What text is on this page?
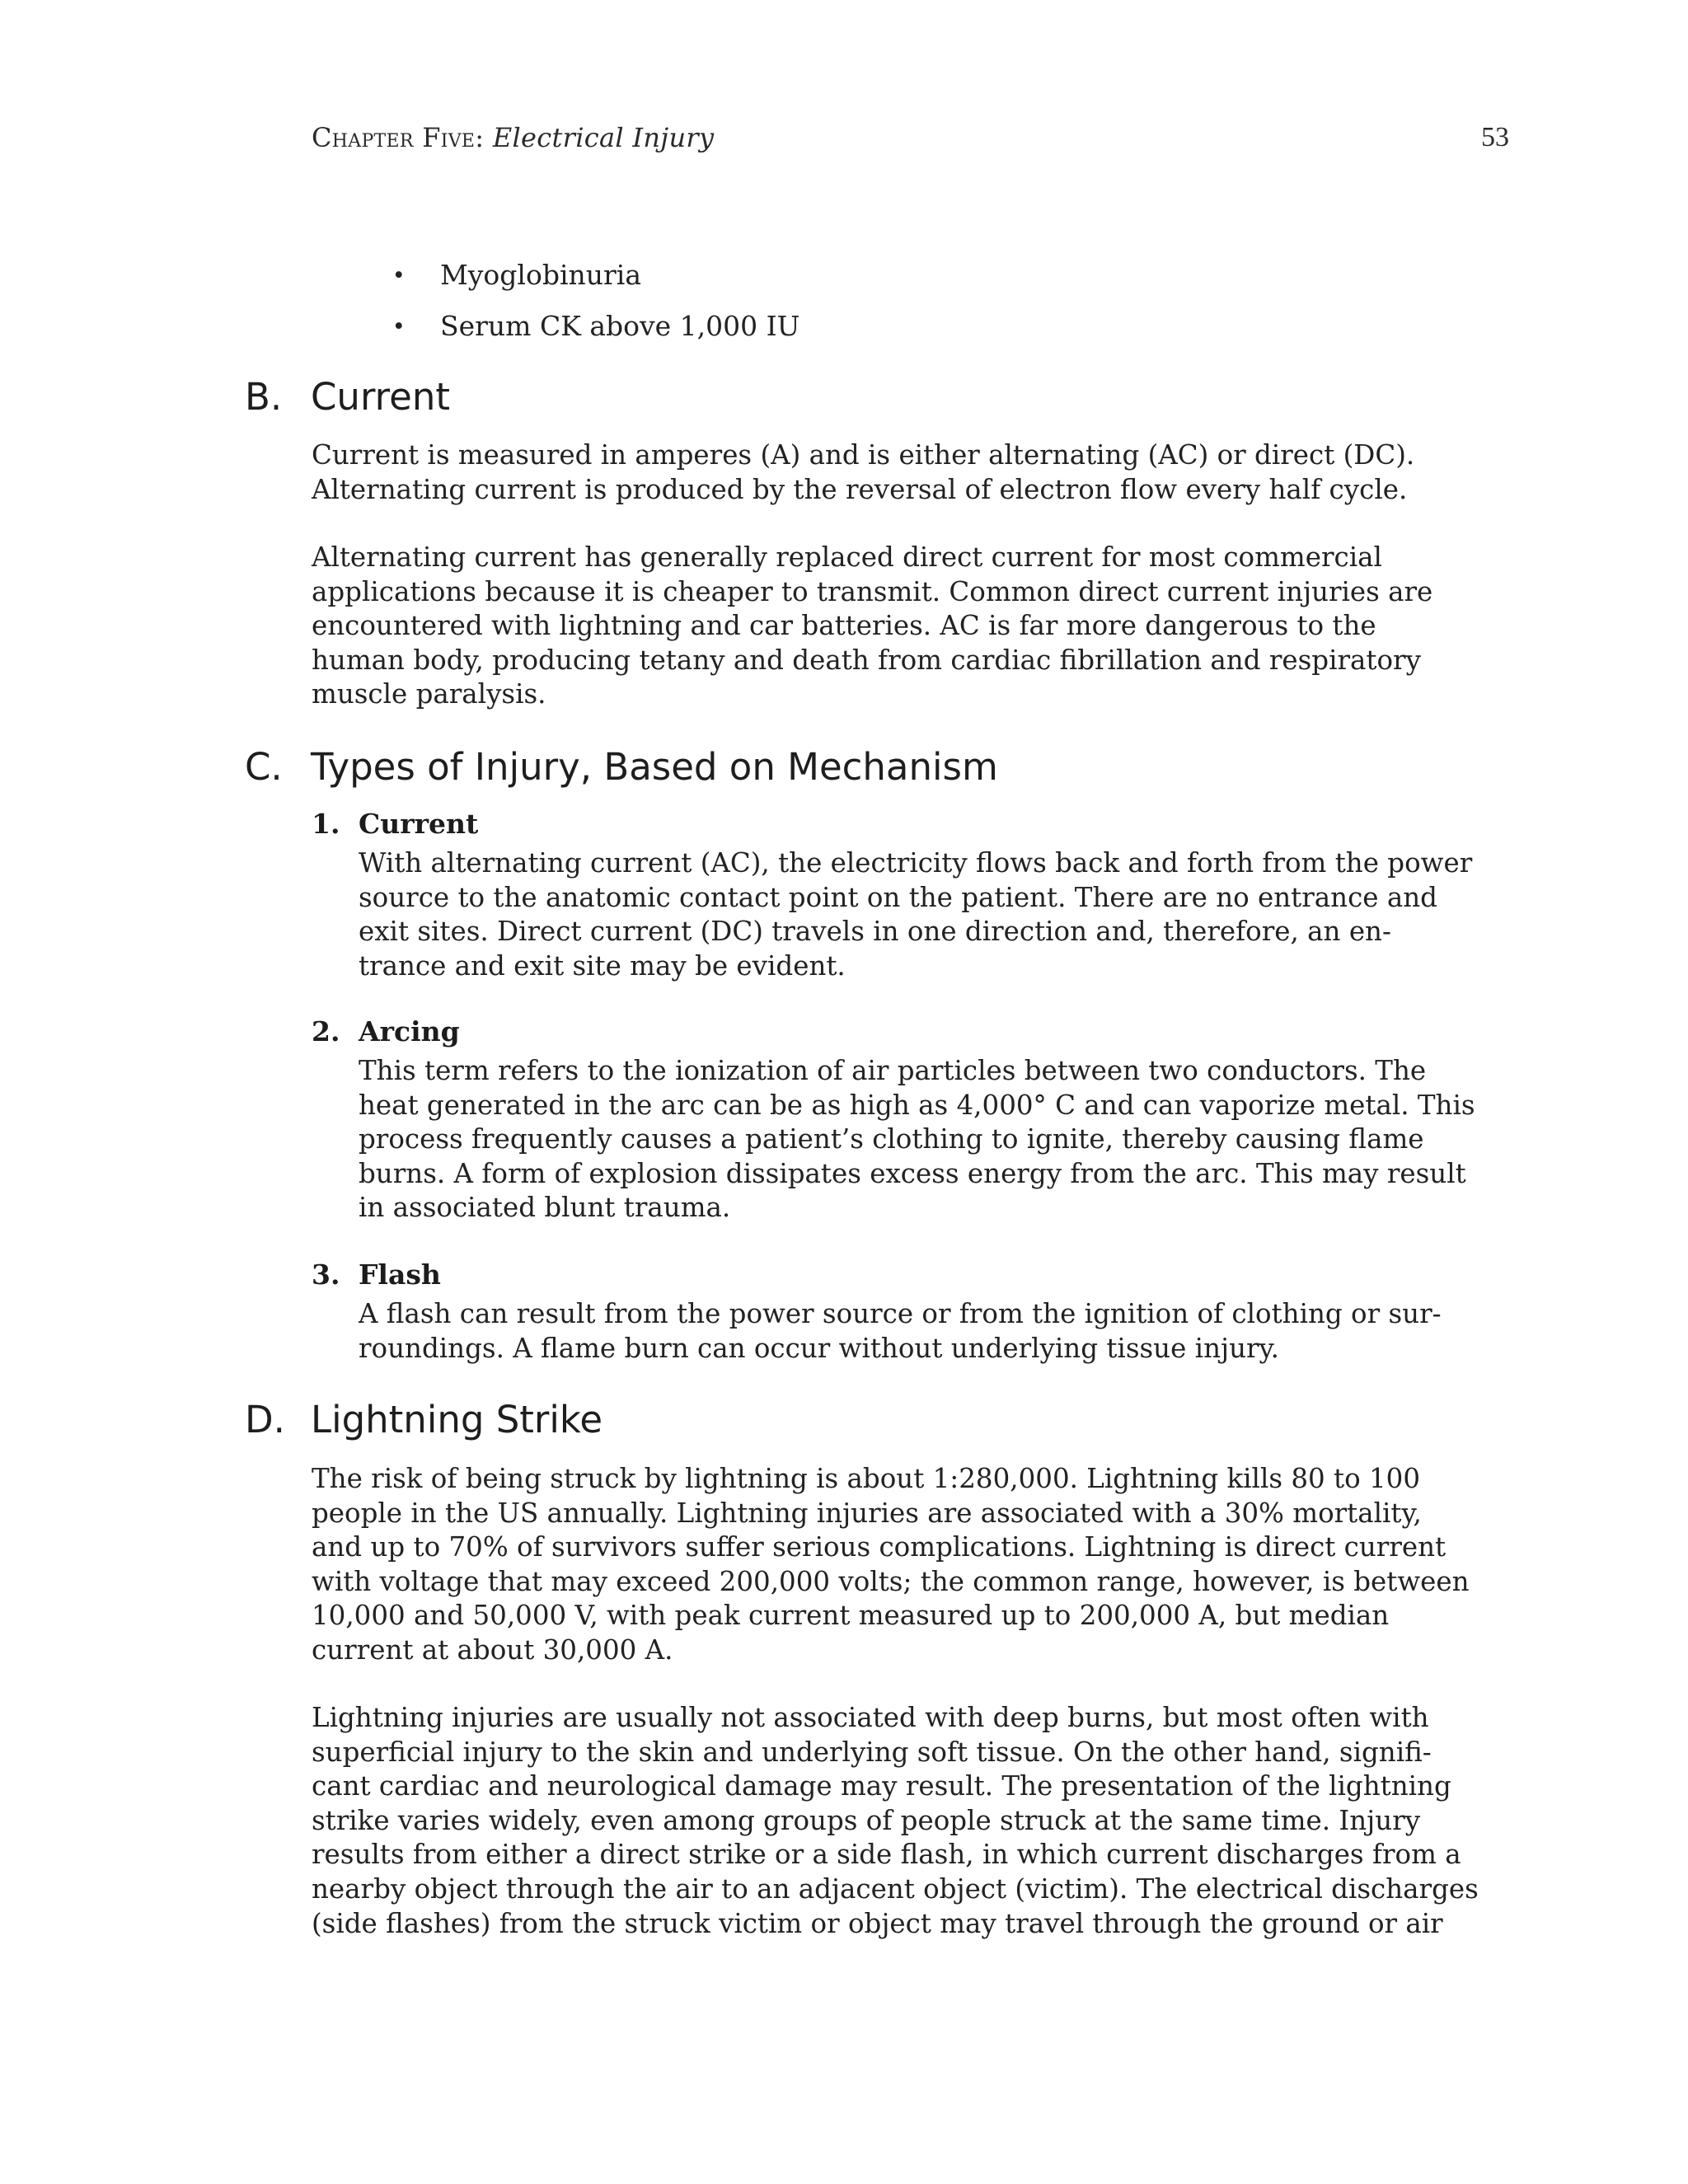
Chapter Five: Electrical Injury	53
• Myoglobinuria
• Serum CK above 1,000 IU
B. Current
Current is measured in amperes (A) and is either alternating (AC) or direct (DC).
Alternating current is produced by the reversal of electron flow every half cycle.
Alternating current has generally replaced direct current for most commercial
applications because it is cheaper to transmit. Common direct current injuries are
encountered with lightning and car batteries. AC is far more dangerous to the
human body, producing tetany and death from cardiac fibrillation and respiratory
muscle paralysis.
C. Types of Injury, Based on Mechanism
1. Current
With alternating current (AC), the electricity flows back and forth from the power
source to the anatomic contact point on the patient. There are no entrance and
exit sites. Direct current (DC) travels in one direction and, therefore, an en-
trance and exit site may be evident.
2. Arcing
This term refers to the ionization of air particles between two conductors. The
heat generated in the arc can be as high as 4,000° C and can vaporize metal. This
process frequently causes a patient’s clothing to ignite, thereby causing flame
burns. A form of explosion dissipates excess energy from the arc. This may result
in associated blunt trauma.
3. Flash
A flash can result from the power source or from the ignition of clothing or sur-
roundings. A flame burn can occur without underlying tissue injury.
D. Lightning Strike
The risk of being struck by lightning is about 1:280,000. Lightning kills 80 to 100
people in the US annually. Lightning injuries are associated with a 30% mortality,
and up to 70% of survivors suffer serious complications. Lightning is direct current
with voltage that may exceed 200,000 volts; the common range, however, is between
10,000 and 50,000 V, with peak current measured up to 200,000 A, but median
current at about 30,000 A.
Lightning injuries are usually not associated with deep burns, but most often with
superficial injury to the skin and underlying soft tissue. On the other hand, signifi-
cant cardiac and neurological damage may result. The presentation of the lightning
strike varies widely, even among groups of people struck at the same time. Injury
results from either a direct strike or a side flash, in which current discharges from a
nearby object through the air to an adjacent object (victim). The electrical discharges
(side flashes) from the struck victim or object may travel through the ground or air
